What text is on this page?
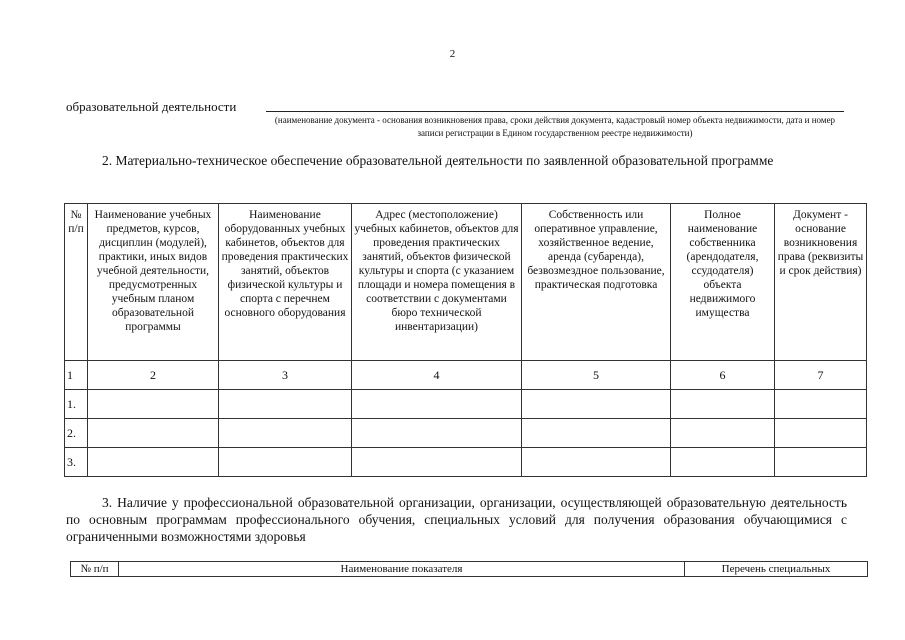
2
образовательной деятельности
(наименование документа - основания возникновения права, сроки действия документа, кадастровый номер объекта недвижимости, дата и номер записи регистрации в Едином государственном реестре недвижимости)
2. Материально-техническое обеспечение образовательной деятельности по заявленной образовательной программе
№ п/п	Наименование учебных предметов, курсов, дисциплин (модулей), практики, иных видов учебной деятельности, предусмотренных учебным планом образовательной программы	Наименование оборудованных учебных кабинетов, объектов для проведения практических занятий, объектов физической культуры и спорта с перечнем основного оборудования	Адрес (местоположение) учебных кабинетов, объектов для проведения практических занятий, объектов физической культуры и спорта (с указанием площади и номера помещения в соответствии с документами бюро технической инвентаризации)	Собственность или оперативное управление, хозяйственное ведение, аренда (субаренда), безвозмездное пользование, практическая подготовка	Полное наименование собственника (арендодателя, ссудодателя) объекта недвижимого имущества	Документ - основание возникновения права (реквизиты и срок действия)
1	2	3	4	5	6	7
1.						
2.						
3.						
3. Наличие у профессиональной образовательной организации, организации, осуществляющей образовательную деятельность по основным программам профессионального обучения, специальных условий для получения образования обучающимися с ограниченными возможностями здоровья
№ п/п	Наименование показателя	Перечень специальных
